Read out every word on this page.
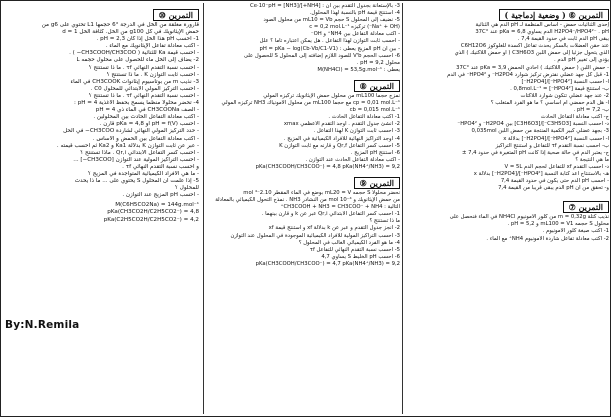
التمرين ⑩
قارورة مغلقة من الخل في الدرجة °6 حجمها L1 تحتوي على g6 من
حمض الإيثانويك في كل g100 من الخل. كثافة الخل d = 1
1- احسب pH هذا الخل إذا كان pH = 2,3 .
- أكتب معادلة تفاعل الإيثانويك مع الماء .
- أحسب قيمة Ka للثنائية ( CH3COOH/CH3COO− ) .
2- يضاف إلى الخل ماء للحصول على محلول حجمه L
- أحسب نسبة التقدم النهائي τf . ما ذا تستنتج ؟
- أحسب ثابت التوازن K . ما ذا تستنتج ؟
3- نذيب m من بوتاسيوم إيثانوات CH3COOK في الماء
- احسب التركيز المولي الابتدائي للمحلول C0 .
- أحسب نسبة التقدم النهائي τf . ما ذا تستنتج ؟
4- تحضر محلولا منظما يسمح بحفظ الأغذية pH = 4 :
- الصف CH3COONa في الماء ذي pH = 4
- أكتب معادلة التفاعل الحادث بين المحلولين .
- أحسب pH = f(V) أو pKa = 4,8 قارن .
- حدد التركيز المولي النهائي لشاردة CH3COO− في الحل
- أكتب معادلة التفاعل بين الحمض و الأساس .
- عبر عن ثابت التوازن K بدلالة Ka1 و Ka2 ثم أحسب قيمته .
- أحسب كسر التفاعل الابتدائي Qr,i . ماذا تستنتج ؟
- أحسب التراكيز المولية عند التوازن [CH3COO−] ...
و أحسب نسبة التقدم النهائي τf .
- ما هي الأفراد الكيميائية المتواجدة في المزيج ؟
5- إذا علمت أن المحلول S يحتوي على ... ما ذا يحدث
للمحلول ؟
- أحسب pH المزيج عند التوازن .
M(C6H5CO2Na) = 144g.mol⁻¹
pKa(CH3CO2H/C2H5CO2⁻) = 4,8
pKa(C2H5CO2H/C2H5CO2⁻) = 4,2
By:N.Remila
3- بالإستعانة بجدول التقدم بين أن : [NH4+]/[NH3] = Ce·10⁻pH
4- استنتج قيمة pH بالنسبة لهذا المحلول.
5- نضيف إلى المحلول S حجم mL10 = Vb من محلول الصود
(Na⁺ + OH⁻) تركيزه c = 0,2 mol.L⁻¹
- أكتب معادلة التفاعل بين NH4⁺ و OH⁻
- أحسب ثابت التوازن لهذا التفاعل . هل يمكن اعتباره تاما ؟ علل
- بين أن pH المزيج يعطى : pH = pKa − log(Cb·Vb/C1·V1)
6- أحسب الحجم V'b للصود اللازم إضافته إلى المحلول S للحصول على
محلول pH = 9,2 .
يعطى : M(NH4Cl) = 53,5g.mol⁻¹
التمرين ⑧
نمزج حجما mL100 من محلول حمض الإيثانويك تركيزه المولي
cp = 0,01 mol.L⁻¹ مع حجما mL100 من محلول الأمونياك NH3 تركيزه المولي
cb = 0,015 mol.L⁻¹
1- أكتب معادلة التفاعل الحادث .
2- أنشئ جدول التقدم . أوجد التقدم الأعظمي xmax
3- أحسب ثابت التوازن K لهذا التفاعل .
4- أوجد التراكيز النهائية للأفراد الكيميائية في المزيج .
5- أحسب كسر التفاعل Qr,f و قارنه مع ثابت التوازن K
6- استنتج pH المزيج .
- أكتب معادلة التفاعل الحادث عند التوازن .
pKa(CH3COOH/CH3COO⁻) = 4,8 pKa(NH4⁺/NH3) = 9,2
التمرين ⑨
نحضر محلولا S حجمه mL20 = V بوضع في الماء المقطر 2.10⁻⁴ mol
من حمض الإيثانويك و mol 10⁻⁴ من النشادر NH3 . نمذج التحول الكيميائي بالمعادلة
التالية : CH3COOH + NH3 = CH3COO⁻ + NH4⁺
1- أحسب كسر التفاعل الابتدائي Qr,i عبر عن k و قارن بينهما .
ما ذا تستنتج ؟
2- أنجز جدول التقدم و عبر عن k بدلالة xf و استنتج قيمة xf
3- أحسب التراكيز المولية للأفراد الكيميائية الموجودة في المحلول عند التوازن
4- ما هو الفرد الكيميائي الغالب في المحلول ؟
5- أحسب نسبة التقدم النهائي للتفاعل τf
6- أحسب pH الخليط S يساوي 4,7
pKa(CH3COOH/CH3COO⁻) = 4,7 pKa(NH4⁺/NH3) = 9,2
التمرين ⑥ ( وضعية إدماجية )
إحدى الثنائيات حمض - أساس المنظمة لـ pH الدم هي الثنائية
H2PO4⁻/HPO4²⁻ . pH الدم يساوي 6,8 = pKa عند °37C
يبقى pH الدم ثابت في حدود القيمة 7,4 .
عند حقن العضلات بالسكر يحدث تفاعل أكسدة للغلوكوز C6H12O6
الذي يتحول جزئيا إلى حمض اللبن C3H6O3 ( أو حمض اللاكتيك ) الذي
يؤدي إلى تغيير pH الدم .
- حمض اللبن ( حمض اللاكتيك ) أحادي الحمض pKa = 3,9 عند °37C
1- قبل كل جهد عضلي نفترض تركيز شوارد H2PO4⁻ و HPO4²⁻ في الدم
أ- أحسب النسبة [HPO4²⁻]/[H2PO4⁻]
ب- استنتج قيمة [HPO4²⁻] = 0,8mol.L⁻¹ .
2- عند جهد عضلي تتكون شوارد اللاكتات
أ- هل الدم حمضي أم أساسي ؟ ما هو الفرد المتغلب ؟
ب- pH = 7,2 .
ج- أكتب معادلة التفاعل الحادث
د- أحسب النسبة [C3H5O3⁻]/[C3H6O3] بين H2PO4⁻ و HPO4²⁻
3- بجهد عضلي كبير الكمية المنتجة من حمض اللبن 0,035mol
أ- أحسب النسبة [HPO4²⁻]/[H2PO4⁻] بدلالة x
ب- أحسب نسبة التقدم τf للتفاعل و استنتج التراكيز
ج- يعتبر الدم في حالة صحية إذا كانت pH المتغيرة في حدود 7,4 ±
ما هي النتيجة ؟
د- أحسب التقدم xf للتفاعل لحجم الدم V = 5L
هـ- بالاستنتاج أعد كتابة النسبة [HPO4²⁻]/[H2PO4⁻] بدلالة x
- أحسب pH الدم حتى يكون في حدود القيمة 7,4
و- تحقق من أن pH الدم يبقى قريبا من القيمة 7,4
التمرين ⑦
نذيب كتلة m = 0,32g من كلور الأمونيوم NH4Cl في الماء فنحصل على
محلول S حجمه mL100 = V1 و pH = 5,2 .
1- أكتب صيغة كلور الأمونيوم .
2- أكتب معادلة تفاعل شاردة الأمونيوم NH4⁺ مع الماء .
